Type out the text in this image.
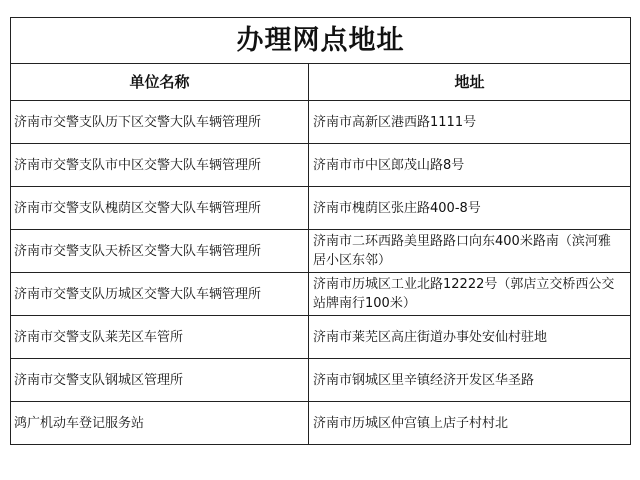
办理网点地址	
单位名称	地址

济南市交警支队历下区交警大队车辆管理所	济南市高新区港西路1111号

济南市交警支队市中区交警大队车辆管理所	济南市市中区郎茂山路8号

济南市交警支队槐荫区交警大队车辆管理所	济南市槐荫区张庄路400-8号

济南市交警支队天桥区交警大队车辆管理所	济南市二环西路美里路路口向东400米路南（滨河雅居小区东邻）

济南市交警支队历城区交警大队车辆管理所	济南市历城区工业北路12222号（郭店立交桥西公交站牌南行100米）

济南市交警支队莱芜区车管所	济南市莱芜区高庄街道办事处安仙村驻地

济南市交警支队钢城区管理所	济南市钢城区里辛镇经济开发区华圣路

鸿广机动车登记服务站	济南市历城区仲宫镇上店子村村北
